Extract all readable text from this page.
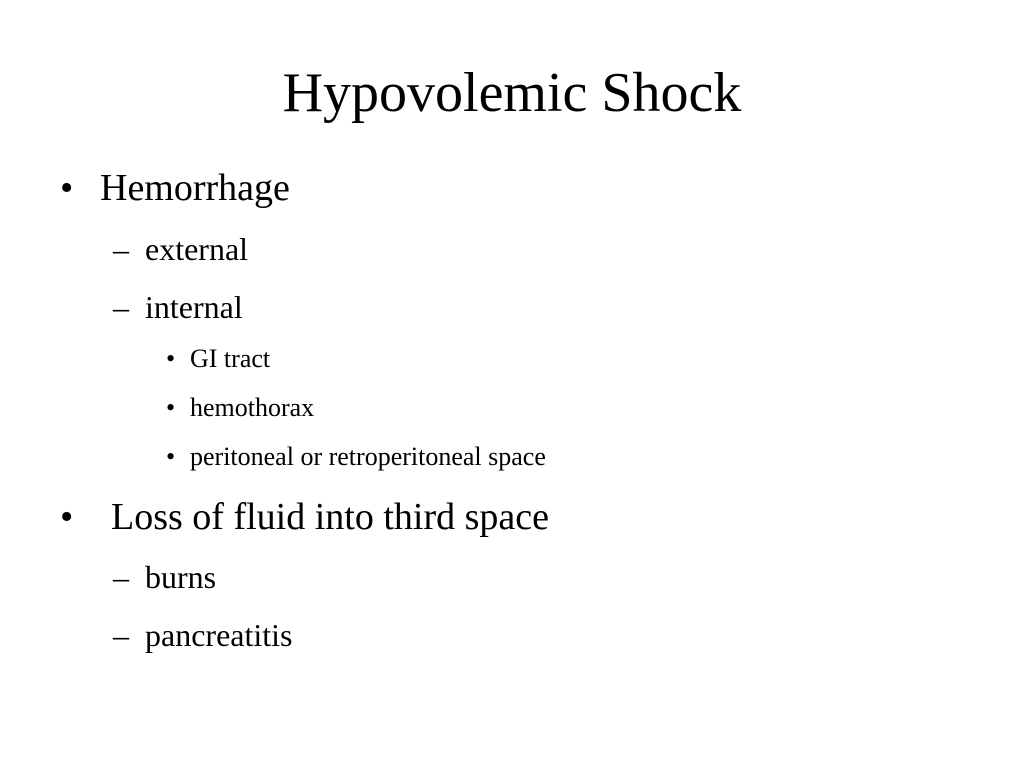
Hypovolemic Shock
• Hemorrhage
– external
– internal
• GI tract
• hemothorax
• peritoneal or retroperitoneal space
• Loss of fluid into third space
– burns
– pancreatitis
